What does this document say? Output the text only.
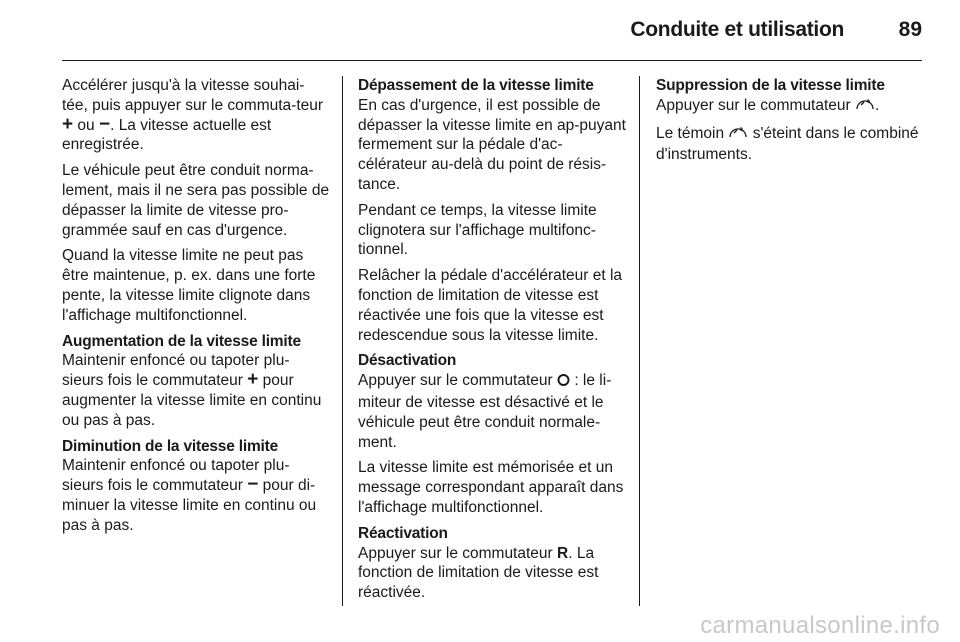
Conduite et utilisation	89

Accélérer jusqu'à la vitesse souhai-tée, puis appuyer sur le commuta-teur + ou −. La vitesse actuelle est enregistrée.

Le véhicule peut être conduit norma-lement, mais il ne sera pas possible de dépasser la limite de vitesse pro-grammée sauf en cas d'urgence.

Quand la vitesse limite ne peut pas être maintenue, p. ex. dans une forte pente, la vitesse limite clignote dans l'affichage multifonctionnel.

Augmentation de la vitesse limite

Maintenir enfoncé ou tapoter plu-sieurs fois le commutateur + pour augmenter la vitesse limite en continu ou pas à pas.

Diminution de la vitesse limite

Maintenir enfoncé ou tapoter plu-sieurs fois le commutateur − pour di-minuer la vitesse limite en continu ou pas à pas.

Dépassement de la vitesse limite

En cas d'urgence, il est possible de dépasser la vitesse limite en ap-puyant fermement sur la pédale d'ac-célérateur au-delà du point de résis-tance.

Pendant ce temps, la vitesse limite clignotera sur l'affichage multifonc-tionnel.

Relâcher la pédale d'accélérateur et la fonction de limitation de vitesse est réactivée une fois que la vitesse est redescendue sous la vitesse limite.

Désactivation

Appuyer sur le commutateur  : le li-miteur de vitesse est désactivé et le véhicule peut être conduit normale-ment.

La vitesse limite est mémorisée et un message correspondant apparaît dans l'affichage multifonctionnel.

Réactivation

Appuyer sur le commutateur R. La fonction de limitation de vitesse est réactivée.

Suppression de la vitesse limite

Appuyer sur le commutateur .

Le témoin  s'éteint dans le combiné d'instruments.

carmanualsonline.info
